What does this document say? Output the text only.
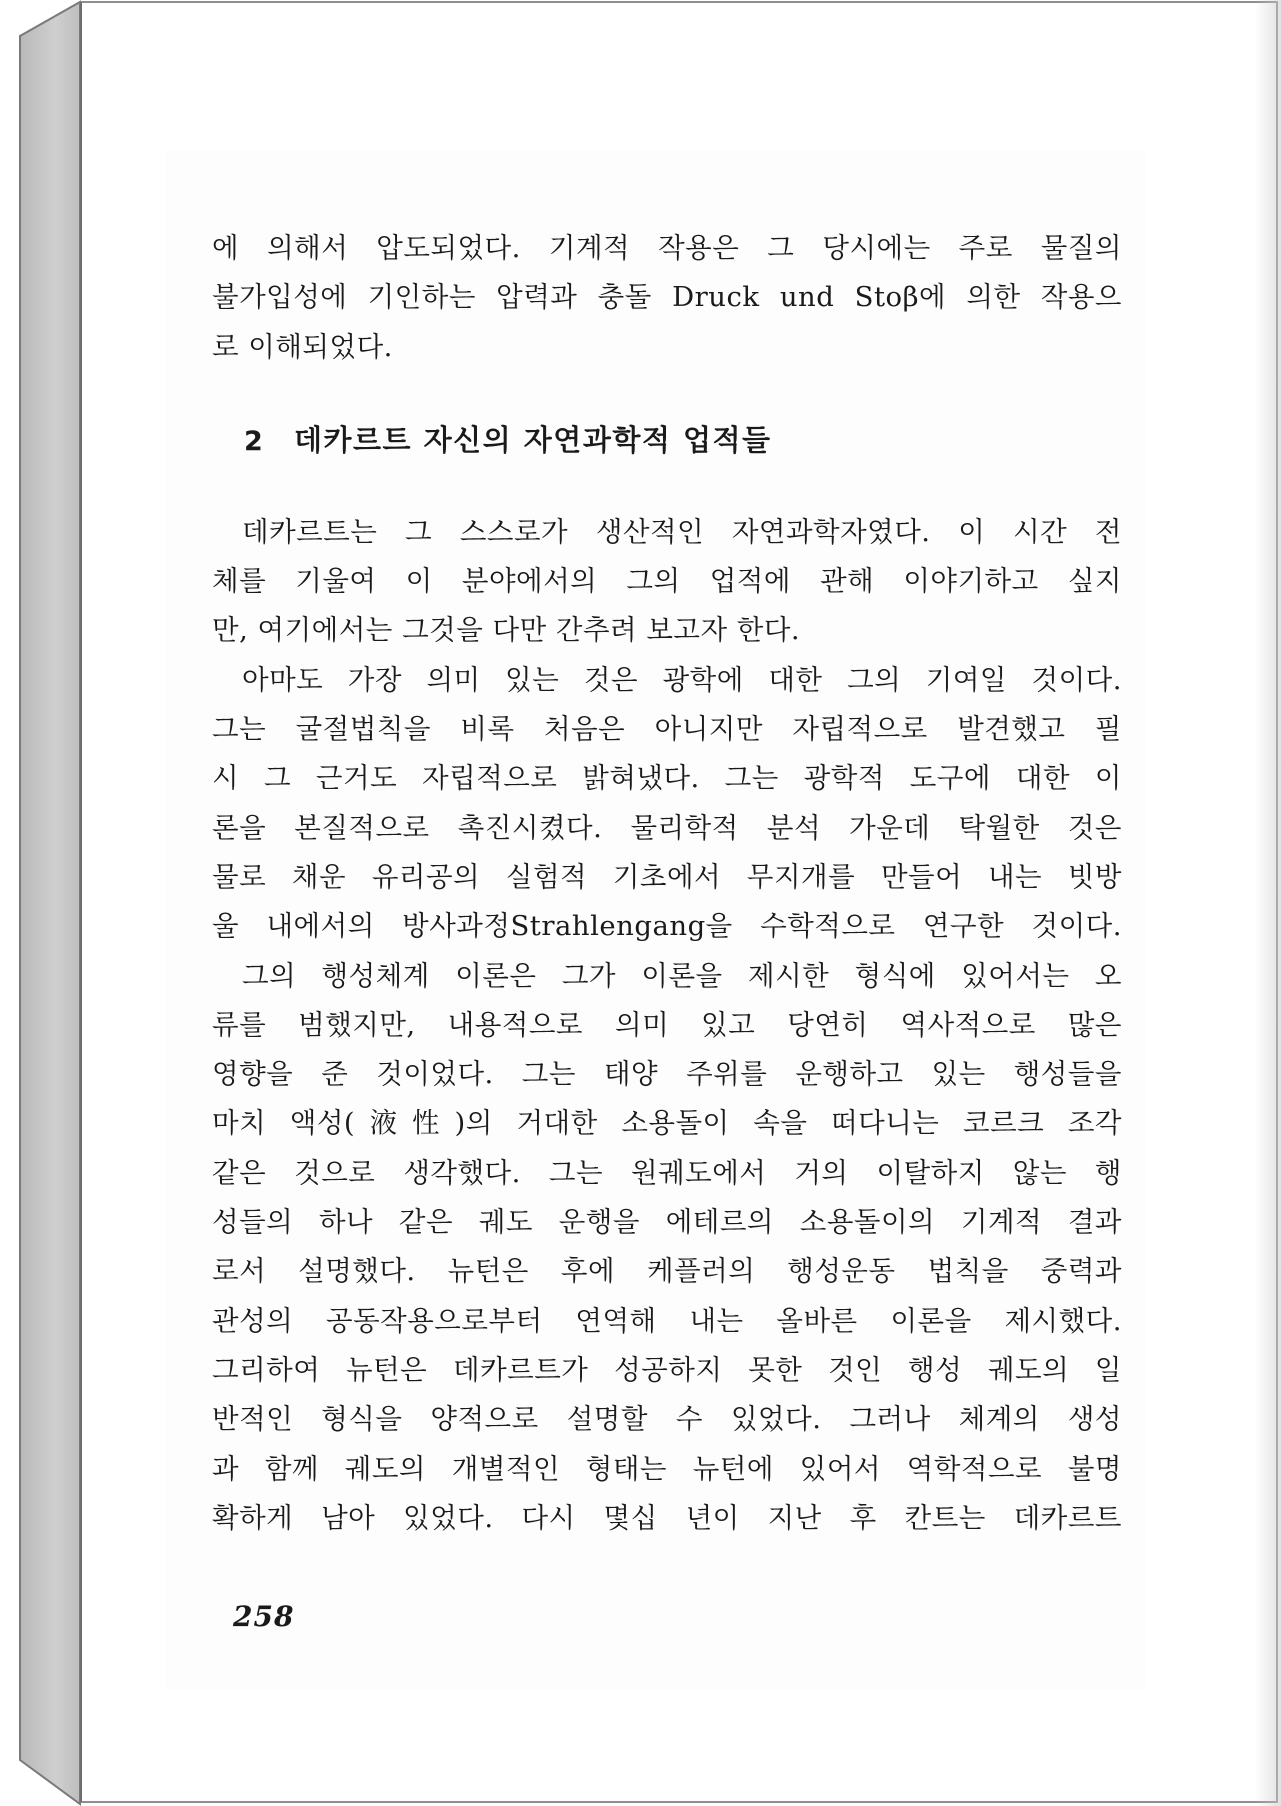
에 의해서 압도되었다. 기계적 작용은 그 당시에는 주로 물질의
불가입성에 기인하는 압력과 충돌 Druck und Stoβ에 의한 작용으
로 이해되었다.
2 데카르트 자신의 자연과학적 업적들
데카르트는 그 스스로가 생산적인 자연과학자였다. 이 시간 전
체를 기울여 이 분야에서의 그의 업적에 관해 이야기하고 싶지
만, 여기에서는 그것을 다만 간추려 보고자 한다.
아마도 가장 의미 있는 것은 광학에 대한 그의 기여일 것이다.
그는 굴절법칙을 비록 처음은 아니지만 자립적으로 발견했고 필
시 그 근거도 자립적으로 밝혀냈다. 그는 광학적 도구에 대한 이
론을 본질적으로 촉진시켰다. 물리학적 분석 가운데 탁월한 것은
물로 채운 유리공의 실험적 기초에서 무지개를 만들어 내는 빗방
울 내에서의 방사과정Strahlengang을 수학적으로 연구한 것이다.
그의 행성체계 이론은 그가 이론을 제시한 형식에 있어서는 오
류를 범했지만, 내용적으로 의미 있고 당연히 역사적으로 많은
영향을 준 것이었다. 그는 태양 주위를 운행하고 있는 행성들을
마치 액성(液性)의 거대한 소용돌이 속을 떠다니는 코르크 조각
같은 것으로 생각했다. 그는 원궤도에서 거의 이탈하지 않는 행
성들의 하나 같은 궤도 운행을 에테르의 소용돌이의 기계적 결과
로서 설명했다. 뉴턴은 후에 케플러의 행성운동 법칙을 중력과
관성의 공동작용으로부터 연역해 내는 올바른 이론을 제시했다.
그리하여 뉴턴은 데카르트가 성공하지 못한 것인 행성 궤도의 일
반적인 형식을 양적으로 설명할 수 있었다. 그러나 체계의 생성
과 함께 궤도의 개별적인 형태는 뉴턴에 있어서 역학적으로 불명
확하게 남아 있었다. 다시 몇십 년이 지난 후 칸트는 데카르트
258
